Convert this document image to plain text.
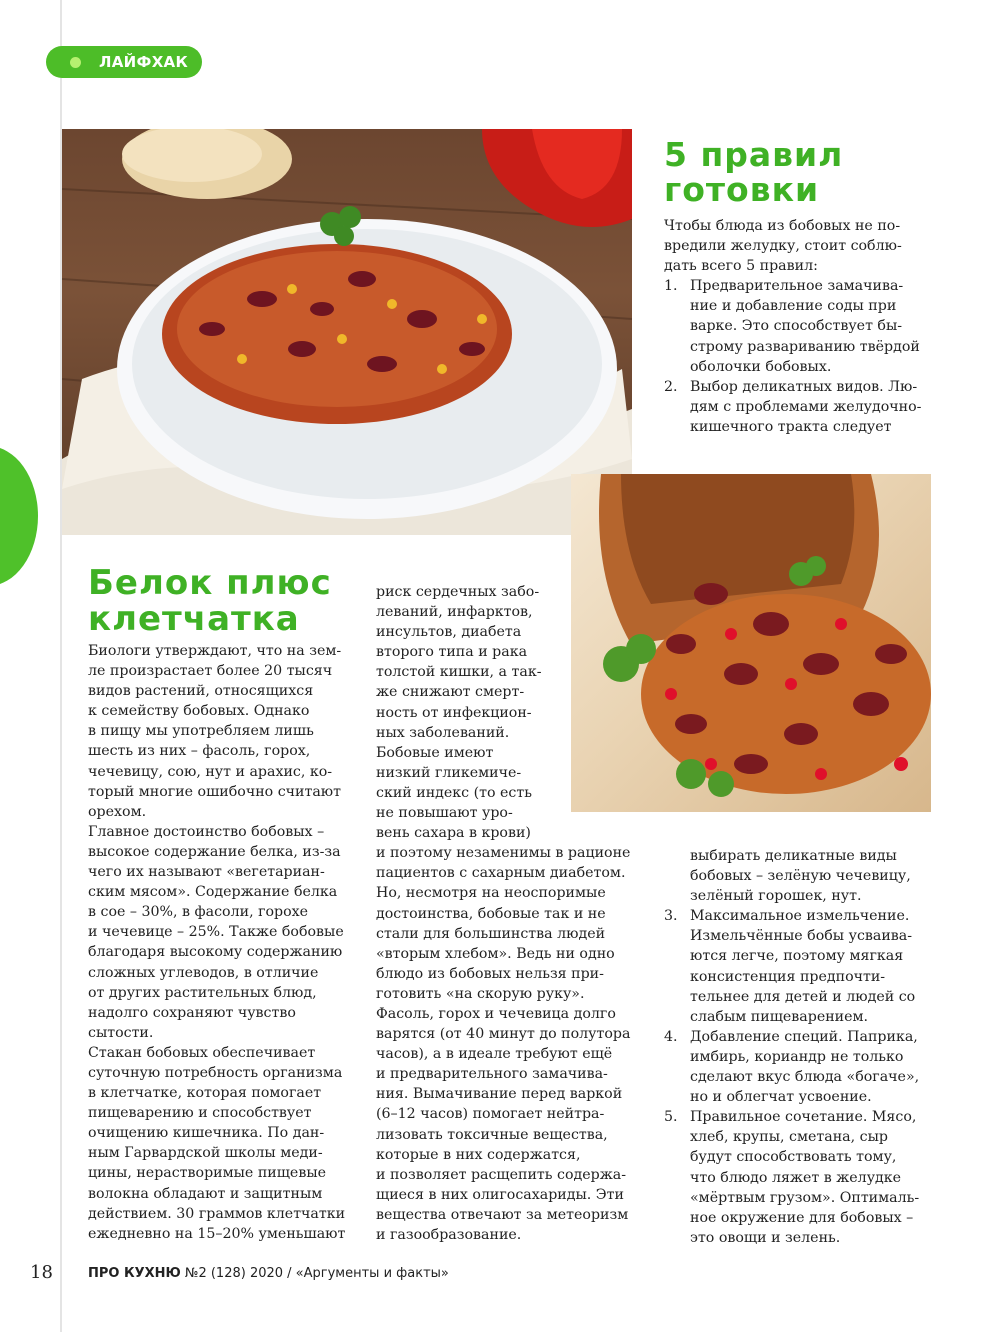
ЛАЙФХАК
5 правил
готовки

Чтобы блюда из бобовых не по-

вредили желудку, стоит соблю-

дать всего 5 правил:

1. Предварительное замачива-

ние и добавление соды при

варке. Это способствует бы-

строму развариванию твёрдой

оболочки бобовых.

2. Выбор деликатных видов. Лю-

дям с проблемами желудочно-

кишечного тракта следует

Белок плюс
клетчатка

Биологи утверждают, что на зем-

ле произрастает более 20 тысяч

видов растений, относящихся

к семейству бобовых. Однако

в пищу мы употребляем лишь

шесть из них – фасоль, горох,

чечевицу, сою, нут и арахис, ко-

торый многие ошибочно считают

орехом.

Главное достоинство бобовых –

высокое содержание белка, из-за

чего их называют «вегетариан-

ским мясом». Содержание белка

в сое – 30%, в фасоли, горохе

и чечевице – 25%. Также бобовые

благодаря высокому содержанию

сложных углеводов, в отличие

от других растительных блюд,

надолго сохраняют чувство

сытости.

Стакан бобовых обеспечивает

суточную потребность организма

в клетчатке, которая помогает

пищеварению и способствует

очищению кишечника. По дан-

ным Гарвардской школы меди-

цины, нерастворимые пищевые

волокна обладают и защитным

действием. 30 граммов клетчатки

ежедневно на 15–20% уменьшают

риск сердечных забо-

леваний, инфарктов,

инсультов, диабета

второго типа и рака

толстой кишки, а так-

же снижают смерт-

ность от инфекцион-

ных заболеваний.

Бобовые имеют

низкий гликемиче-

ский индекс (то есть

не повышают уро-

вень сахара в крови)

и поэтому незаменимы в рационе

пациентов с сахарным диабетом.

Но, несмотря на неоспоримые

достоинства, бобовые так и не

стали для большинства людей

«вторым хлебом». Ведь ни одно

блюдо из бобовых нельзя при-

готовить «на скорую руку».

Фасоль, горох и чечевица долго

варятся (от 40 минут до полутора

часов), а в идеале требуют ещё

и предварительного замачива-

ния. Вымачивание перед варкой

(6–12 часов) помогает нейтра-

лизовать токсичные вещества,

которые в них содержатся,

и позволяет расщепить содержа-

щиеся в них олигосахариды. Эти

вещества отвечают за метеоризм

и газообразование.

выбирать деликатные виды

бобовых – зелёную чечевицу,

зелёный горошек, нут.

3. Максимальное измельчение.

Измельчённые бобы усваива-

ются легче, поэтому мягкая

консистенция предпочти-

тельнее для детей и людей со

слабым пищеварением.

4. Добавление специй. Паприка,

имбирь, кориандр не только

сделают вкус блюда «богаче»,

но и облегчат усвоение.

5. Правильное сочетание. Мясо,

хлеб, крупы, сметана, сыр

будут способствовать тому,

что блюдо ляжет в желудке

«мёртвым грузом». Оптималь-

ное окружение для бобовых –

это овощи и зелень.

18	ПРО КУХНЮ №2 (128) 2020 / «Аргументы и факты»
